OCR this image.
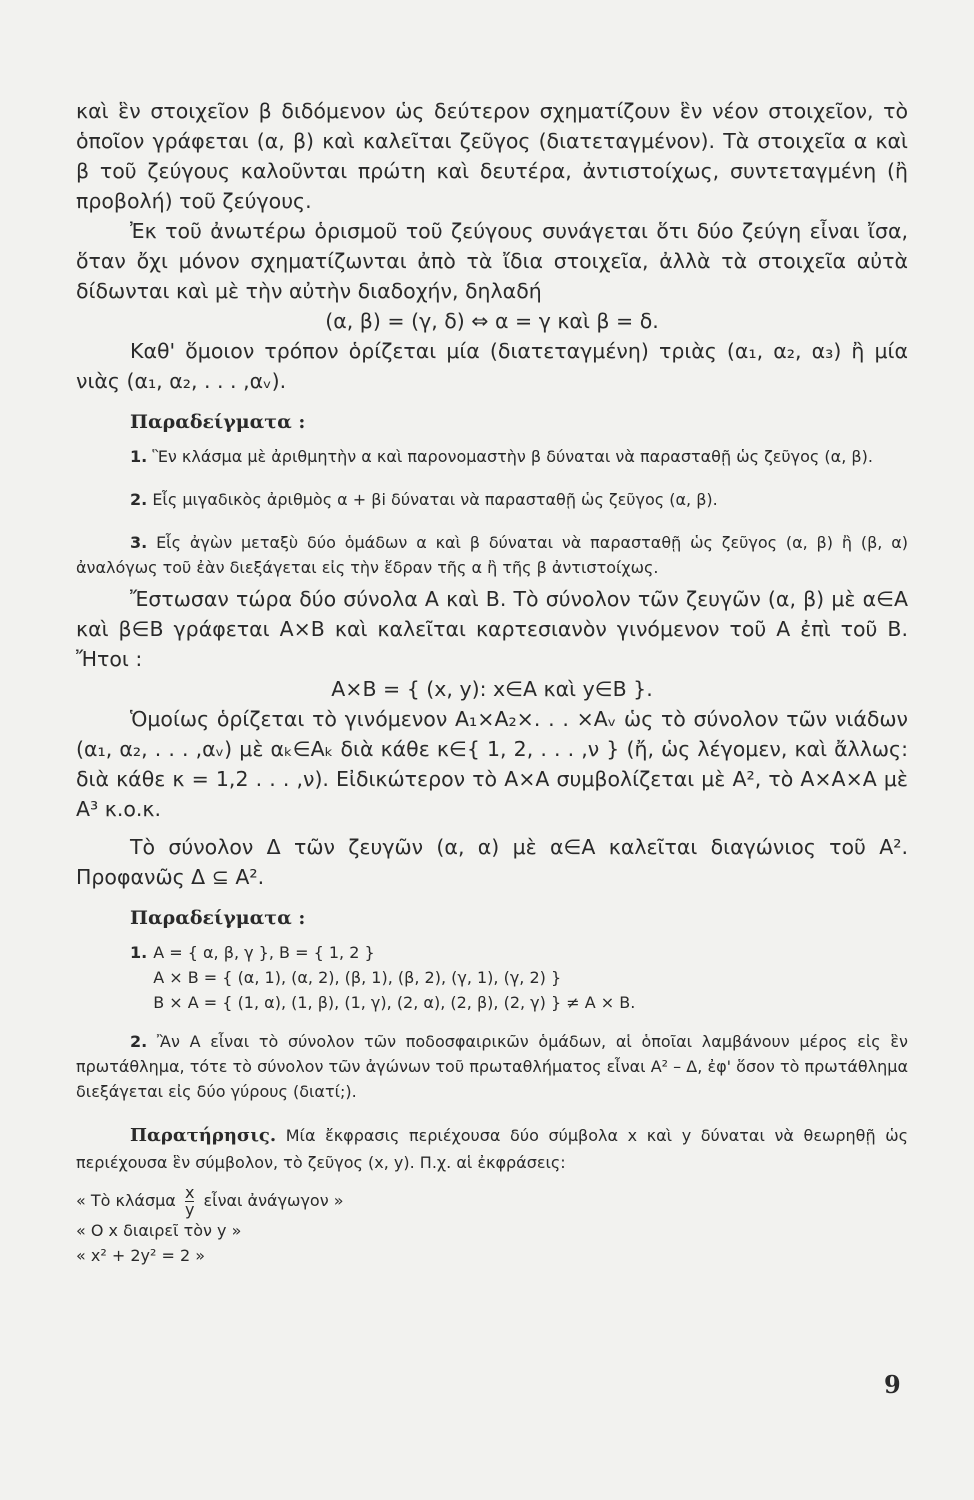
καὶ ἓν στοιχεῖον β διδόμενον ὡς δεύτερον σχηματίζουν ἓν νέον στοιχεῖον, τὸ ὁποῖον γράφεται (α, β) καὶ καλεῖται ζεῦγος (διατεταγμένον). Τὰ στοιχεῖα α καὶ β τοῦ ζεύγους καλοῦνται πρώτη καὶ δευτέρα, ἀντιστοίχως, συντεταγμένη (ἢ προβολή) τοῦ ζεύγους.

Ἐκ τοῦ ἀνωτέρω ὁρισμοῦ τοῦ ζεύγους συνάγεται ὅτι δύο ζεύγη εἶναι ἴσα, ὅταν ὄχι μόνον σχηματίζωνται ἀπὸ τὰ ἴδια στοιχεῖα, ἀλλὰ τὰ στοιχεῖα αὐτὰ δίδωνται καὶ μὲ τὴν αὐτὴν διαδοχήν, δηλαδή

(α, β) = (γ, δ) ⇔ α = γ καὶ β = δ.

Καθ' ὅμοιον τρόπον ὁρίζεται μία (διατεταγμένη) τριὰς (α₁, α₂, α₃) ἢ μία νιὰς (α₁, α₂, . . . ,αᵥ).

Παραδείγματα :

1. Ἓν κλάσμα μὲ ἀριθμητὴν α καὶ παρονομαστὴν β δύναται νὰ παρασταθῇ ὡς ζεῦγος (α, β).

2. Εἷς μιγαδικὸς ἀριθμὸς α + βi δύναται νὰ παρασταθῇ ὡς ζεῦγος (α, β).

3. Εἷς ἀγὼν μεταξὺ δύο ὁμάδων α καὶ β δύναται νὰ παρασταθῇ ὡς ζεῦγος (α, β) ἢ (β, α) ἀναλόγως τοῦ ἐὰν διεξάγεται εἰς τὴν ἕδραν τῆς α ἢ τῆς β ἀντιστοίχως.

Ἔστωσαν τώρα δύο σύνολα Α καὶ Β. Τὸ σύνολον τῶν ζευγῶν (α, β) μὲ α∈Α καὶ β∈Β γράφεται Α×Β καὶ καλεῖται καρτεσιανὸν γινόμενον τοῦ Α ἐπὶ τοῦ Β. Ἤτοι :

Α×Β = { (x, y): x∈Α καὶ y∈Β }.

Ὁμοίως ὁρίζεται τὸ γινόμενον Α₁×Α₂×. . . ×Αᵥ ὡς τὸ σύνολον τῶν νιάδων (α₁, α₂, . . . ,αᵥ) μὲ αₖ∈Αₖ διὰ κάθε κ∈{ 1, 2, . . . ,ν } (ἤ, ὡς λέγομεν, καὶ ἄλλως: διὰ κάθε κ = 1,2 . . . ,ν). Εἰδικώτερον τὸ Α×Α συμβολίζεται μὲ Α², τὸ Α×Α×Α μὲ Α³ κ.ο.κ.

Τὸ σύνολον Δ τῶν ζευγῶν (α, α) μὲ α∈Α καλεῖται διαγώνιος τοῦ Α². Προφανῶς Δ ⊆ Α².

Παραδείγματα :

1. Α = { α, β, γ }, Β = { 1, 2 }
Α × Β = { (α, 1), (α, 2), (β, 1), (β, 2), (γ, 1), (γ, 2) }
Β × Α = { (1, α), (1, β), (1, γ), (2, α), (2, β), (2, γ) } ≠ Α × Β.

2. Ἂν Α εἶναι τὸ σύνολον τῶν ποδοσφαιρικῶν ὁμάδων, αἱ ὁποῖαι λαμβάνουν μέρος εἰς ἓν πρωτάθλημα, τότε τὸ σύνολον τῶν ἀγώνων τοῦ πρωταθλήματος εἶναι Α² – Δ, ἐφ' ὅσον τὸ πρωτάθλημα διεξάγεται εἰς δύο γύρους (διατί;).

Παρατήρησις. Μία ἔκφρασις περιέχουσα δύο σύμβολα x καὶ y δύναται νὰ θεωρηθῇ ὡς περιέχουσα ἓν σύμβολον, τὸ ζεῦγος (x, y). Π.χ. αἱ ἐκφράσεις:

« Τὸ κλάσμα $\frac{x}{y}$ εἶναι ἀνάγωγον »
« Ο x διαιρεῖ τὸν y »
« x² + 2y² = 2 »
9
